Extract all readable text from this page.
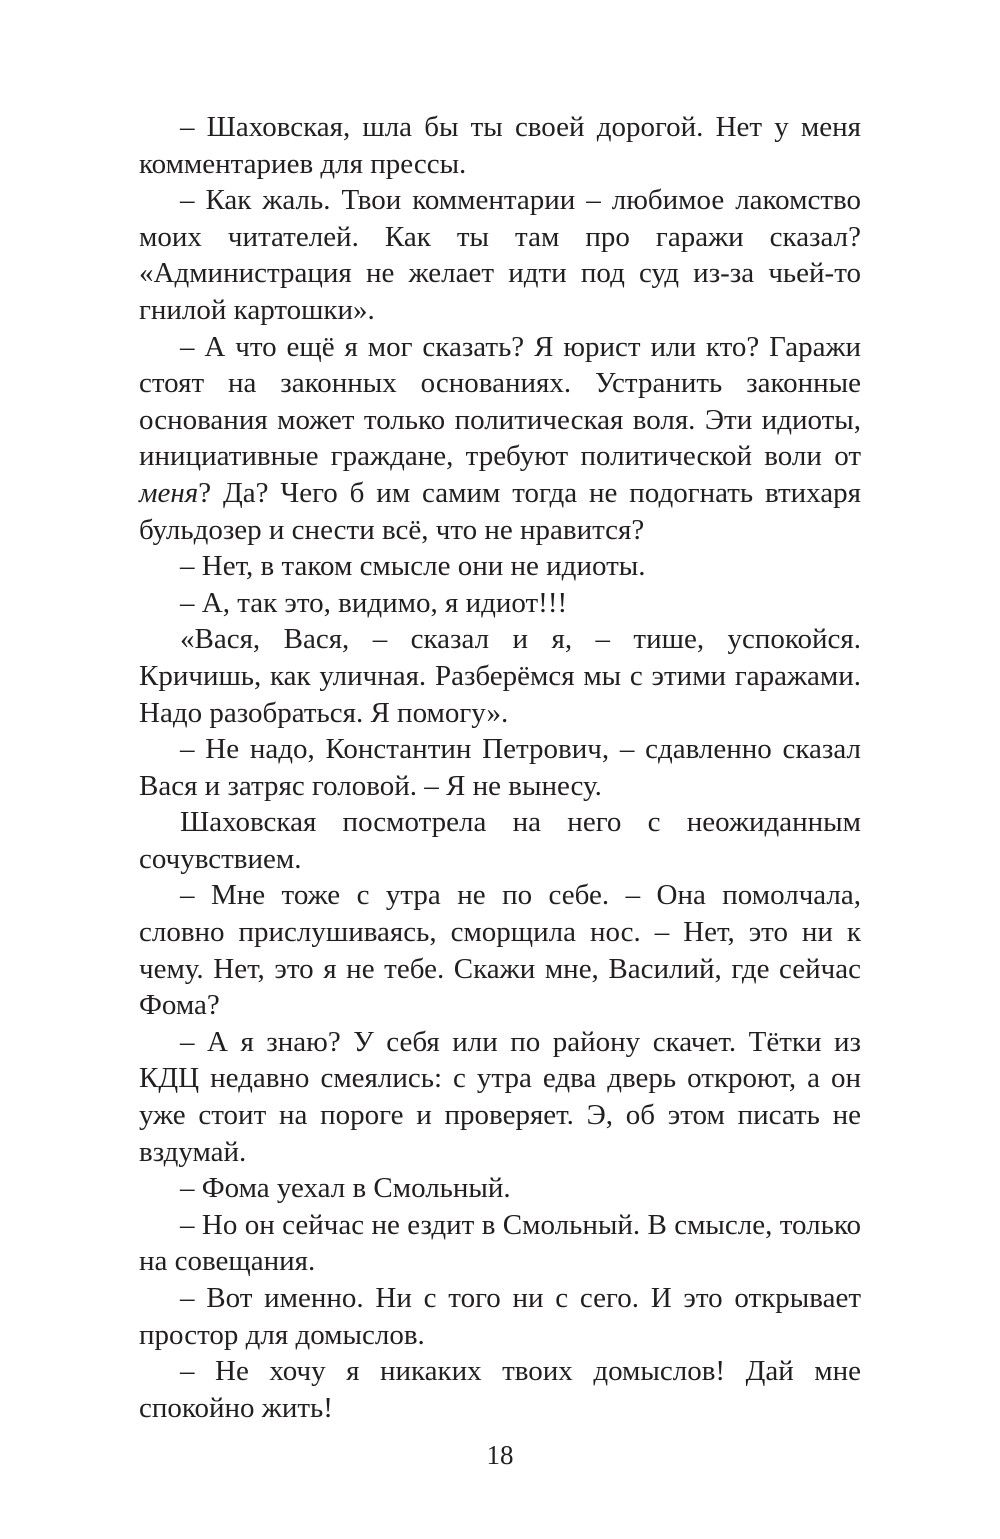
– Шаховская, шла бы ты своей дорогой. Нет у меня комментариев для прессы.

– Как жаль. Твои комментарии – любимое лакомство моих читателей. Как ты там про гаражи сказал? «Администрация не желает идти под суд из-за чьей-то гнилой картошки».

– А что ещё я мог сказать? Я юрист или кто? Гаражи стоят на законных основаниях. Устранить законные основания может только политическая воля. Эти идиоты, инициативные граждане, требуют политической воли от меня? Да? Чего б им самим тогда не подогнать втихаря бульдозер и снести всё, что не нравится?

– Нет, в таком смысле они не идиоты.

– А, так это, видимо, я идиот!!!

«Вася, Вася, – сказал и я, – тише, успокойся. Кричишь, как уличная. Разберёмся мы с этими гаражами. Надо разобраться. Я помогу».

– Не надо, Константин Петрович, – сдавленно сказал Вася и затряс головой. – Я не вынесу.

Шаховская посмотрела на него с неожиданным сочувствием.

– Мне тоже с утра не по себе. – Она помолчала, словно прислушиваясь, сморщила нос. – Нет, это ни к чему. Нет, это я не тебе. Скажи мне, Василий, где сейчас Фома?

– А я знаю? У себя или по району скачет. Тётки из КДЦ недавно смеялись: с утра едва дверь откроют, а он уже стоит на пороге и проверяет. Э, об этом писать не вздумай.

– Фома уехал в Смольный.

– Но он сейчас не ездит в Смольный. В смысле, только на совещания.

– Вот именно. Ни с того ни с сего. И это открывает простор для домыслов.

– Не хочу я никаких твоих домыслов! Дай мне спокойно жить!

18
